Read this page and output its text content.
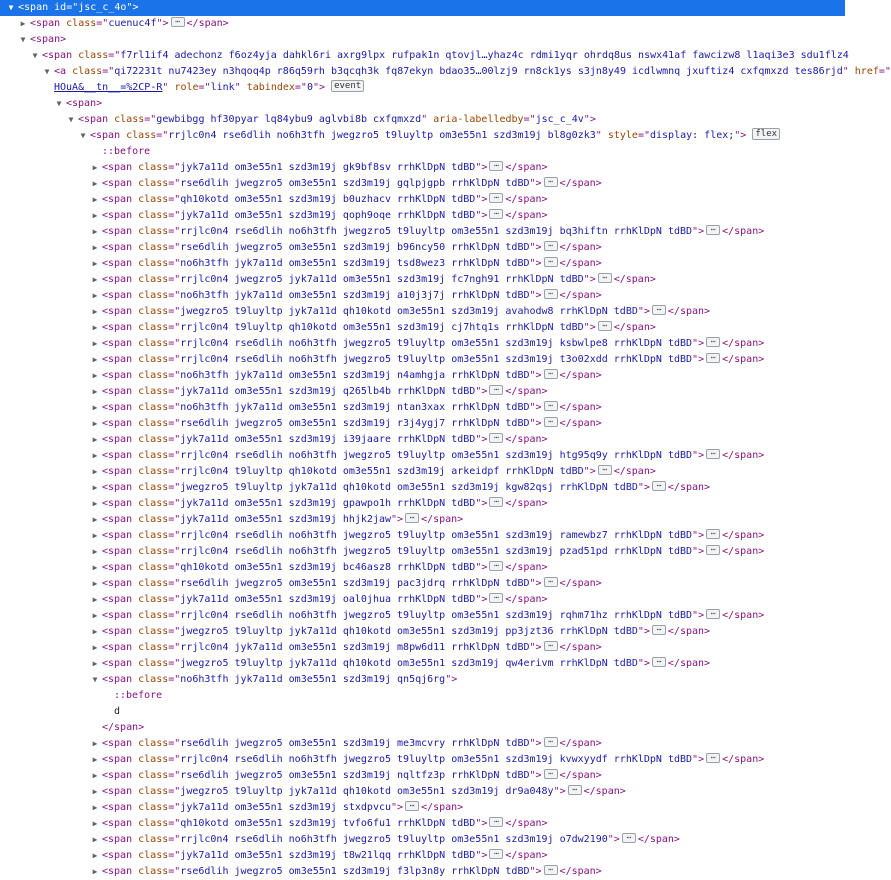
▼ <span id="jsc_c_4o">
▶ <span class="cuenuc4f"> ⋯ </span>
▼ <span>
▼ <span class="f7rl1if4 adechonz f6oz4yja dahkl6ri axrg9lpx rufpak1n qtovjl…yhaz4c rdmi1yqr ohrdq8us nswx41af fawcizw8 l1aqi3e3 sdu1flz4
▼ <a class="qi72231t nu7423ey n3hqoq4p r86q59rh b3qcqh3k fq87ekyn bdao35…00lzj9 rn8ck1ys s3jn8y49 icdlwmnq jxuftiz4 cxfqmxzd tes86rjd" href="
HOuA&__tn__=%2CP-R" role="link" tabindex="0"> event
▼ <span>
▼ <span class="gewbibgg hf30pyar lq84ybu9 aglvbi8b cxfqmxzd" aria-labelledby="jsc_c_4v">
▼ <span class="rrjlc0n4 rse6dlih no6h3tfh jwegzro5 t9luyltp om3e55n1 szd3m19j bl8g0zk3" style="display: flex;"> flex
::before
▶ <span class="jyk7a11d om3e55n1 szd3m19j gk9bf8sv rrhKlDpN tdBD"> ⋯ </span>
▶ <span class="rse6dlih jwegzro5 om3e55n1 szd3m19j gqlpjgpb rrhKlDpN tdBD"> ⋯ </span>
▶ <span class="qh10kotd om3e55n1 szd3m19j b0uzhacv rrhKlDpN tdBD"> ⋯ </span>
▶ <span class="jyk7a11d om3e55n1 szd3m19j qoph9oqe rrhKlDpN tdBD"> ⋯ </span>
▶ <span class="rrjlc0n4 rse6dlih no6h3tfh jwegzro5 t9luyltp om3e55n1 szd3m19j bq3hiftn rrhKlDpN tdBD"> ⋯ </span>
▶ <span class="rse6dlih jwegzro5 om3e55n1 szd3m19j b96ncy50 rrhKlDpN tdBD"> ⋯ </span>
▶ <span class="no6h3tfh jyk7a11d om3e55n1 szd3m19j tsd8wez3 rrhKlDpN tdBD"> ⋯ </span>
▶ <span class="rrjlc0n4 jwegzro5 jyk7a11d om3e55n1 szd3m19j fc7ngh91 rrhKlDpN tdBD"> ⋯ </span>
▶ <span class="no6h3tfh jyk7a11d om3e55n1 szd3m19j a10j3j7j rrhKlDpN tdBD"> ⋯ </span>
▶ <span class="jwegzro5 t9luyltp jyk7a11d qh10kotd om3e55n1 szd3m19j avahodw8 rrhKlDpN tdBD"> ⋯ </span>
▶ <span class="rrjlc0n4 t9luyltp qh10kotd om3e55n1 szd3m19j cj7htq1s rrhKlDpN tdBD"> ⋯ </span>
▶ <span class="rrjlc0n4 rse6dlih no6h3tfh jwegzro5 t9luyltp om3e55n1 szd3m19j ksbwlpe8 rrhKlDpN tdBD"> ⋯ </span>
▶ <span class="rrjlc0n4 rse6dlih no6h3tfh jwegzro5 t9luyltp om3e55n1 szd3m19j t3o02xdd rrhKlDpN tdBD"> ⋯ </span>
▶ <span class="no6h3tfh jyk7a11d om3e55n1 szd3m19j n4amhgja rrhKlDpN tdBD"> ⋯ </span>
▶ <span class="jyk7a11d om3e55n1 szd3m19j q265lb4b rrhKlDpN tdBD"> ⋯ </span>
▶ <span class="no6h3tfh jyk7a11d om3e55n1 szd3m19j ntan3xax rrhKlDpN tdBD"> ⋯ </span>
▶ <span class="rse6dlih jwegzro5 om3e55n1 szd3m19j r3j4ygj7 rrhKlDpN tdBD"> ⋯ </span>
▶ <span class="jyk7a11d om3e55n1 szd3m19j i39jaare rrhKlDpN tdBD"> ⋯ </span>
▶ <span class="rrjlc0n4 rse6dlih no6h3tfh jwegzro5 t9luyltp om3e55n1 szd3m19j htg95q9y rrhKlDpN tdBD"> ⋯ </span>
▶ <span class="rrjlc0n4 t9luyltp qh10kotd om3e55n1 szd3m19j arkeidpf rrhKlDpN tdBD"> ⋯ </span>
▶ <span class="jwegzro5 t9luyltp jyk7a11d qh10kotd om3e55n1 szd3m19j kgw82qsj rrhKlDpN tdBD"> ⋯ </span>
▶ <span class="jyk7a11d om3e55n1 szd3m19j gpawpo1h rrhKlDpN tdBD"> ⋯ </span>
▶ <span class="jyk7a11d om3e55n1 szd3m19j hhjk2jaw"> ⋯ </span>
▶ <span class="rrjlc0n4 rse6dlih no6h3tfh jwegzro5 t9luyltp om3e55n1 szd3m19j ramewbz7 rrhKlDpN tdBD"> ⋯ </span>
▶ <span class="rrjlc0n4 rse6dlih no6h3tfh jwegzro5 t9luyltp om3e55n1 szd3m19j pzad51pd rrhKlDpN tdBD"> ⋯ </span>
▶ <span class="qh10kotd om3e55n1 szd3m19j bc46asz8 rrhKlDpN tdBD"> ⋯ </span>
▶ <span class="rse6dlih jwegzro5 om3e55n1 szd3m19j pac3jdrq rrhKlDpN tdBD"> ⋯ </span>
▶ <span class="jyk7a11d om3e55n1 szd3m19j oal0jhua rrhKlDpN tdBD"> ⋯ </span>
▶ <span class="rrjlc0n4 rse6dlih no6h3tfh jwegzro5 t9luyltp om3e55n1 szd3m19j rqhm71hz rrhKlDpN tdBD"> ⋯ </span>
▶ <span class="jwegzro5 t9luyltp jyk7a11d qh10kotd om3e55n1 szd3m19j pp3jzt36 rrhKlDpN tdBD"> ⋯ </span>
▶ <span class="rrjlc0n4 jyk7a11d om3e55n1 szd3m19j m8pw6d11 rrhKlDpN tdBD"> ⋯ </span>
▶ <span class="jwegzro5 t9luyltp jyk7a11d qh10kotd om3e55n1 szd3m19j qw4erivm rrhKlDpN tdBD"> ⋯ </span>
▼ <span class="no6h3tfh jyk7a11d om3e55n1 szd3m19j qn5qj6rg">
::before
d
</span>
▶ <span class="rse6dlih jwegzro5 om3e55n1 szd3m19j me3mcvry rrhKlDpN tdBD"> ⋯ </span>
▶ <span class="rrjlc0n4 rse6dlih no6h3tfh jwegzro5 t9luyltp om3e55n1 szd3m19j kvwxyydf rrhKlDpN tdBD"> ⋯ </span>
▶ <span class="rse6dlih jwegzro5 om3e55n1 szd3m19j nqltfz3p rrhKlDpN tdBD"> ⋯ </span>
▶ <span class="jwegzro5 t9luyltp jyk7a11d qh10kotd om3e55n1 szd3m19j dr9a048y"> ⋯ </span>
▶ <span class="jyk7a11d om3e55n1 szd3m19j stxdpvcu"> ⋯ </span>
▶ <span class="qh10kotd om3e55n1 szd3m19j tvfo6fu1 rrhKlDpN tdBD"> ⋯ </span>
▶ <span class="rrjlc0n4 rse6dlih no6h3tfh jwegzro5 t9luyltp om3e55n1 szd3m19j o7dw2190"> ⋯ </span>
▶ <span class="jyk7a11d om3e55n1 szd3m19j t8w21lqq rrhKlDpN tdBD"> ⋯ </span>
▶ <span class="rse6dlih jwegzro5 om3e55n1 szd3m19j f3lp3n8y rrhKlDpN tdBD"> ⋯ </span>
